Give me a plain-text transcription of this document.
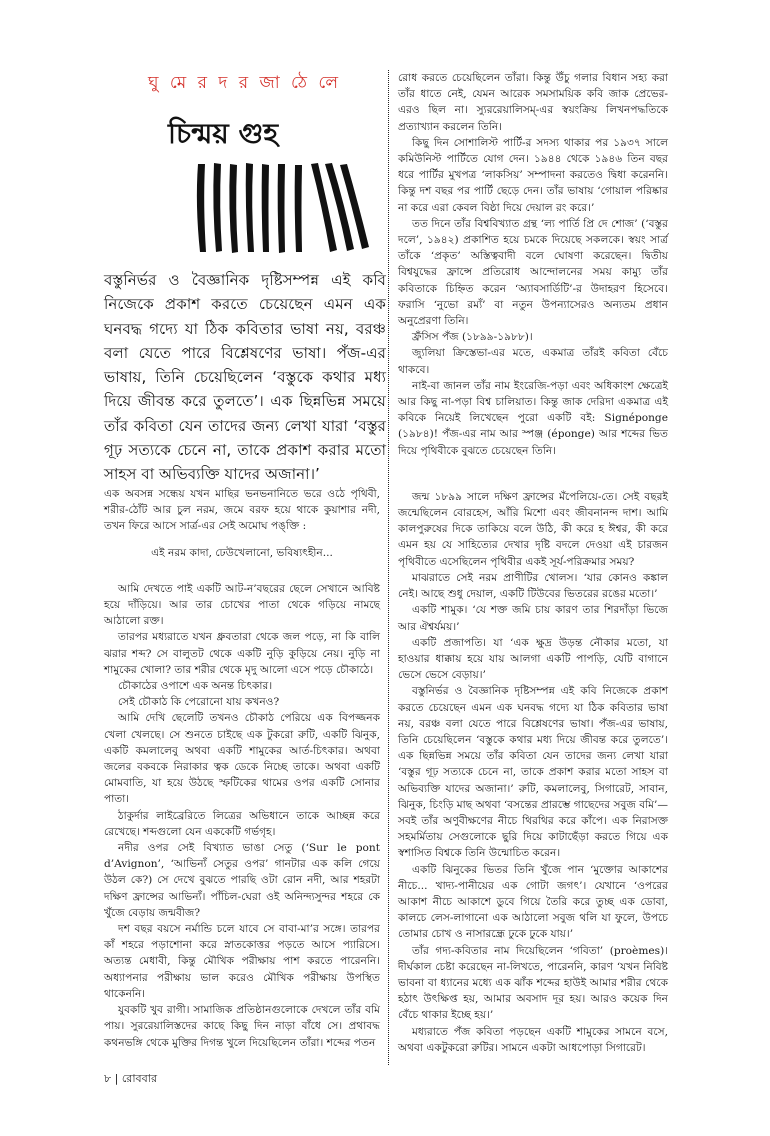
ঘু মে র দ র জা ঠে লে
চিন্ময় গুহ
বস্তুনির্ভর ও বৈজ্ঞানিক দৃষ্টিসম্পন্ন এই কবি নিজেকে প্রকাশ করতে চেয়েছেন এমন এক ঘনবদ্ধ গদ্যে যা ঠিক কবিতার ভাষা নয়, বরঞ্চ বলা যেতে পারে বিশ্লেষণের ভাষা। পঁজ-এর ভাষায়, তিনি চেয়েছিলেন ‘বস্তুকে কথার মধ্য দিয়ে জীবন্ত করে তুলতে’। এক ছিন্নভিন্ন সময়ে তাঁর কবিতা যেন তাদের জন্য লেখা যারা ‘বস্তুর গূঢ় সত্যকে চেনে না, তাকে প্রকাশ করার মতো সাহস বা অভিব্যক্তি যাদের অজানা।’

এক অবসন্ন সন্ধেয় যখন মাছির ভনভনানিতে ভরে ওঠে পৃথিবী, শরীর-ঠোঁট আর চুল নরম, জমে বরফ হয়ে থাকে কুয়াশার নদী, তখন ফিরে আসে সার্ত্র-এর সেই অমোঘ পঙ্‌ক্তি :

এই নরম কাদা, ঢেউখেলানো, ভবিষ্যৎহীন...

আমি দেখতে পাই একটি আট-ন’বছরের ছেলে সেখানে আবিষ্ট হয়ে দাঁড়িয়ে। আর তার চোখের পাতা থেকে গড়িয়ে নামছে আঠালো রক্ত।

তারপর মধ্যরাতে যখন ধ্রুবতারা থেকে জল পড়ে, না কি বালি ঝরার শব্দ? সে বালুতট থেকে একটি নুড়ি কুড়িয়ে নেয়। নুড়ি না শামুকের খোলা? তার শরীর থেকে মৃদু আলো এসে পড়ে চৌকাঠে।

চৌকাঠের ওপাশে এক অনন্ত চিৎকার।

সেই চৌকাঠ কি পেরোনো যায় কখনও?

আমি দেখি ছেলেটি তখনও চৌকাঠ পেরিয়ে এক বিপজ্জনক খেলা খেলছে। সে শুনতে চাইছে এক টুকরো রুটি, একটি ঝিনুক, একটি কমলালেবু অথবা একটি শামুকের আর্ত-চিৎকার। অথবা জলের বকবকে নিরাকার ত্বক ডেকে নিচ্ছে তাকে। অথবা একটি মোমবাতি, যা হয়ে উঠছে স্ফটিকের থামের ওপর একটি সোনার পাতা।

ঠাকুর্দার লাইব্রেরিতে লিত্রের অভিধানে তাকে আচ্ছন্ন করে রেখেছে। শব্দগুলো যেন এককেটি গর্ভগৃহ।

নদীর ওপর সেই বিখ্যাত ভাঙা সেতু (‘Sur le pont d’Avignon’, ‘আভিন্যঁ সেতুর ওপর’ গানটার এক কলি গেয়ে উঠল কে?) সে দেখে বুঝতে পারছি ওটা রোন নদী, আর শহরটা দক্ষিণ ফ্রান্সের আভিন্যঁ। পাঁচিল-ঘেরা ওই অনিন্দ্যসুন্দর শহরে কে খুঁজে বেড়ায় জন্মবীজ?

দশ বছর বয়সে নর্মান্ডি চলে যাবে সে বাবা-মা’র সঙ্গে। তারপর কাঁ শহরে পড়াশোনা করে স্নাতকোত্তর পড়তে আসে প্যারিসে। অত্যন্ত মেধাবী, কিন্তু মৌখিক পরীক্ষায় পাশ করতে পারেননি। অধ্যাপনার পরীক্ষায় ভাল করেও মৌখিক পরীক্ষায় উপস্থিত থাকেননি।

যুবকটি খুব রাগী। সামাজিক প্রতিষ্ঠানগুলোকে দেখলে তাঁর বমি পায়। সুররেয়ালিস্তদের কাছে কিছু দিন নাড়া বাঁধে সে। প্রথাবদ্ধ কথনভঙ্গি থেকে মুক্তির দিগন্ত খুলে দিয়েছিলেন তাঁরা। শব্দের পতন

রোধ করতে চেয়েছিলেন তাঁরা। কিন্তু উঁচু গলার বিধান সহ্য করা তাঁর ধাতে নেই, যেমন আরেক সমসাময়িক কবি জাক প্রেভের-এরও ছিল না। স্যুররেয়ালিসম্-এর স্বয়ংক্রিয় লিখনপদ্ধতিকে প্রত্যাখ্যান করলেন তিনি।

কিছু দিন সোশালিস্ট পার্টি-র সদস্য থাকার পর ১৯৩৭ সালে কমিউনিস্ট পার্টিতে যোগ দেন। ১৯৪৪ থেকে ১৯৪৬ তিন বছর ধরে পার্টির মুখপত্র ‘লাকসিয়’ সম্পাদনা করতেও দ্বিধা করেননি। কিন্তু দশ বছর পর পার্টি ছেড়ে দেন। তাঁর ভাষায় ‘গোয়াল পরিষ্কার না করে এরা কেবল বিষ্ঠা দিয়ে দেয়াল রং করে।’

তত দিনে তাঁর বিশ্ববিখ্যাত গ্রন্থ ‘ল্য পার্তি প্রি দে শোজ’ (‘বস্তুর দলে’, ১৯৪২) প্রকাশিত হয়ে চমকে দিয়েছে সকলকে। স্বয়ং সার্ত্র তাঁকে ‘প্রকৃত’ অস্তিত্ববাদী বলে ঘোষণা করেছেন। দ্বিতীয় বিশ্বযুদ্ধের ফ্রান্সে প্রতিরোধ আন্দোলনের সময় কাম্যু তাঁর কবিতাকে চিহ্নিত করেন ‘অ্যাবসার্ডিটি’-র উদাহরণ হিসেবে। ফরাসি ‘নুভো রম্যঁ’ বা নতুন উপন্যাসেরও অন্যতম প্রধান অনুপ্রেরণা তিনি।

ফ্রঁসিস পঁজ (১৮৯৯-১৯৮৮)।

জ্যুলিয়া ক্রিস্তেভা-এর মতে, একমাত্র তাঁরই কবিতা বেঁচে থাকবে।

নাই-বা জানল তাঁর নাম ইংরেজি-পড়া এবং অধিকাংশ ক্ষেত্রেই আর কিছু না-পড়া বিশ্ব চালিয়াত। কিন্তু জাক দেরিদা একমাত্র এই কবিকে নিয়েই লিখেছেন পুরো একটি বই: Signéponge (১৯৮৪)! পঁজ-এর নাম আর স্পঞ্জ (éponge) আর শব্দের ভিত দিয়ে পৃথিবীকে বুঝতে চেয়েছেন তিনি।

জন্ম ১৮৯৯ সালে দক্ষিণ ফ্রান্সের মঁপেলিয়ে-তে। সেই বছরই জন্মেছিলেন বোরহেস, আঁরি মিশো এবং জীবনানন্দ দাশ। আমি কালপুরুষের দিকে তাকিয়ে বলে উঠি, কী করে হ ঈশ্বর, কী করে এমন হয় যে সাহিত্যের দেখার দৃষ্টি বদলে দেওয়া এই চারজন পৃথিবীতে এসেছিলেন পৃথিবীর একই সূর্য-পরিক্রমার সময়?

মাঝরাতে সেই নরম প্রাণীটির খোলস। ‘যার কোনও কঙ্কাল নেই। আছে শুধু দেয়াল, একটি টিউবের ভিতরের রঙের মতো।’

একটি শামুক। ‘যে শক্ত জমি চায় কারণ তার শিরদাঁড়া ভিজে আর ঐশ্বর্যময়।’

একটি প্রজাপতি। যা ‘এক ক্ষুদ্র উড়ন্ত নৌকার মতো, যা হাওয়ার ধাক্কায় হয়ে যায় আলগা একটি পাপড়ি, যেটি বাগানে ভেসে ভেসে বেড়ায়।’

বস্তুনির্ভর ও বৈজ্ঞানিক দৃষ্টিসম্পন্ন এই কবি নিজেকে প্রকাশ করতে চেয়েছেন এমন এক ঘনবদ্ধ গদ্যে যা ঠিক কবিতার ভাষা নয়, বরঞ্চ বলা যেতে পারে বিশ্লেষণের ভাষা। পঁজ-এর ভাষায়, তিনি চেয়েছিলেন ‘বস্তুকে কথার মধ্য দিয়ে জীবন্ত করে তুলতে’। এক ছিন্নভিন্ন সময়ে তাঁর কবিতা যেন তাদের জন্য লেখা যারা ‘বস্তুর গূঢ় সত্যকে চেনে না, তাকে প্রকাশ করার মতো সাহস বা অভিব্যক্তি যাদের অজানা।’ রুটি, কমলালেবু, সিগারেট, সাবান, ঝিনুক, চিংড়ি মাছ অথবা ‘বসন্তের প্রারম্ভে গাছেদের সবুজ বমি’—সবই তাঁর অণুবীক্ষণের নীচে থিরথির করে কাঁপে। এক নিরাসক্ত সহমর্মিতায় সেগুলোকে ছুরি দিয়ে কাটাছেঁড়া করতে গিয়ে এক স্বশাসিত বিশ্বকে তিনি উন্মোচিত করেন।

একটি ঝিনুকের ভিতর তিনি খুঁজে পান ‘মুক্তোর আকাশের নীচে... খাদ্য-পানীয়ের এক গোটা জগৎ’। যেখানে ‘ওপরের আকাশ নীচে আকাশে ডুবে গিয়ে তৈরি করে তুচ্ছ এক ডোবা, কালচে লেস-লাগানো এক আঠালো সবুজ থলি যা ফুলে, উপচে তোমার চোখ ও নাসারন্ধ্রে ঢুকে ঢুকে যায়।’

তাঁর গদ্য-কবিতার নাম দিয়েছিলেন ‘গবিতা’ (proèmes)। দীর্ঘকাল চেষ্টা করেছেন না-লিখতে, পারেননি, কারণ ‘যখন নিবিষ্ট ভাবনা বা ধ্যানের মধ্যে এক ঝাঁক শব্দের হাউই আমার শরীর থেকে হঠাৎ উৎক্ষিপ্ত হয়, আমার অবসাদ দূর হয়। আরও কয়েক দিন বেঁচে থাকার ইচ্ছে হয়।’

মধ্যরাতে পঁজ কবিতা পড়ছেন একটি শামুকের সামনে বসে, অথবা একটুকরো রুটির। সামনে একটা আধপোড়া সিগারেট।

৮ | রোববার
